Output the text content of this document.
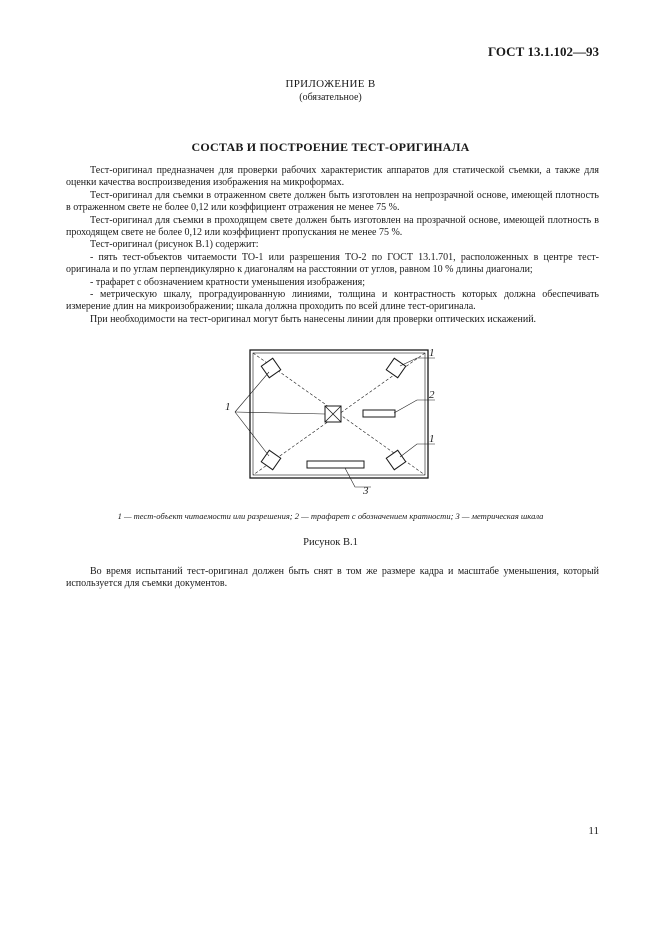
ГОСТ 13.1.102—93
ПРИЛОЖЕНИЕ В
(обязательное)
СОСТАВ И ПОСТРОЕНИЕ ТЕСТ-ОРИГИНАЛА

Тест-оригинал предназначен для проверки рабочих характеристик аппаратов для статической съемки, а также для оценки качества воспроизведения изображения на микроформах.

Тест-оригинал для съемки в отраженном свете должен быть изготовлен на непрозрачной основе, имеющей плотность в отраженном свете не более 0,12 или коэффициент отражения не менее 75 %.

Тест-оригинал для съемки в проходящем свете должен быть изготовлен на прозрачной основе, имеющей плотность в проходящем свете не более 0,12 или коэффициент пропускания не менее 75 %.

Тест-оригинал (рисунок В.1) содержит:

- пять тест-объектов читаемости ТО-1 или разрешения ТО-2 по ГОСТ 13.1.701, расположенных в центре тест-оригинала и по углам перпендикулярно к диагоналям на расстоянии от углов, равном 10 % длины диагонали;

- трафарет с обозначением кратности уменьшения изображения;

- метрическую шкалу, проградуированную линиями, толщина и контрастность которых должна обеспечивать измерение длин на микроизображении; шкала должна проходить по всей длине тест-оригинала.

При необходимости на тест-оригинал могут быть нанесены линии для проверки оптических искажений.

1
2
1
3
1
1 — тест-объект читаемости или разрешения; 2 — трафарет с обозначением кратности; 3 — метрическая шкала
Рисунок В.1

Во время испытаний тест-оригинал должен быть снят в том же размере кадра и масштабе уменьшения, который используется для съемки документов.

11
